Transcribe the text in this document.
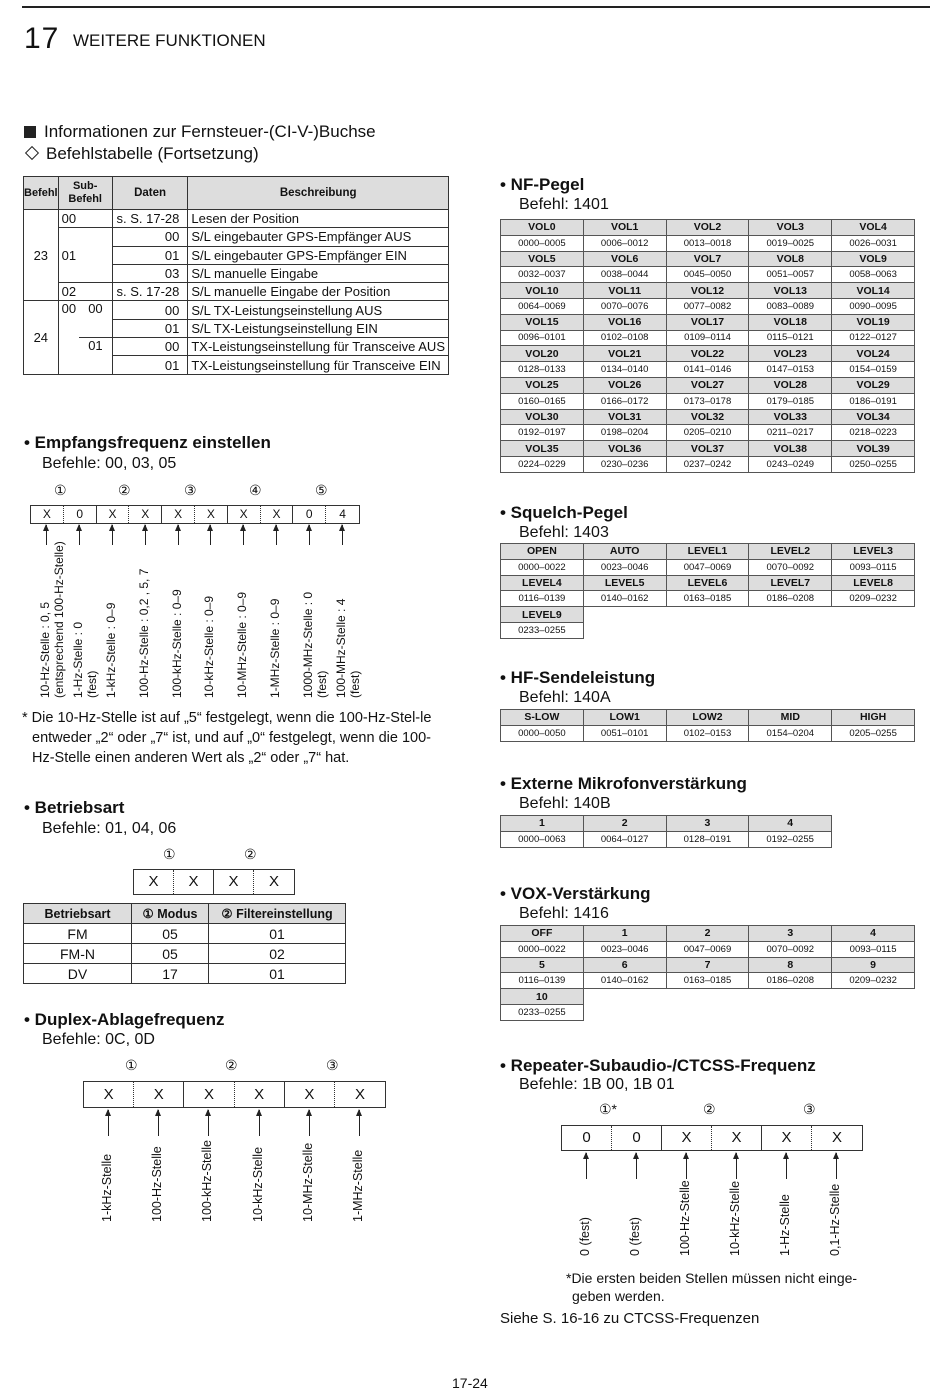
17 WEITERE FUNKTIONEN
Informationen zur Fernsteuer-(CI-V-)Buchse
Befehlstabelle (Fortsetzung)
Befehl	Sub-
Befehl		Daten	Beschreibung
23	00		s. S. 17-28	Lesen der Position
	01		00	S/L eingebauter GPS-Empfänger AUS
			01	S/L eingebauter GPS-Empfänger EIN
			03	S/L manuelle Eingabe
	02		s. S. 17-28	S/L manuelle Eingabe der Position
24	00	00	00	S/L TX-Leistungseinstellung AUS
			01	S/L TX-Leistungseinstellung EIN
		01	00	TX-Leistungseinstellung für Transceive AUS
			01	TX-Leistungseinstellung für Transceive EIN
• Empfangsfrequenz einstellen
Befehle: 00, 03, 05
①	②	③	④	⑤
X	0	X	X	X	X	X	X	0	4
10-Hz-Stelle : 0, 5 (entsprechend 100-Hz-Stelle) 1-Hz-Stelle : 0 (fest) 1-kHz-Stelle : 0–9 100-Hz-Stelle : 0,2 , 5, 7 100-kHz-Stelle : 0–9 10-kHz-Stelle : 0–9 10-MHz-Stelle : 0–9 1-MHz-Stelle : 0–9 1000-MHz-Stelle : 0 (fest) 100-MHz-Stelle : 4 (fest)
* Die 10-Hz-Stelle ist auf „5“ festgelegt, wenn die 100-Hz-Stel-le entweder „2“ oder „7“ ist, und auf „0“ festgelegt, wenn die 100-Hz-Stelle einen anderen Wert als „2“ oder „7“ hat.
• Betriebsart
Befehle: 01, 04, 06
①	②
X	X	X	X
Betriebsart	① Modus	② Filtereinstellung
FM	05	01
FM-N	05	02
DV	17	01
• Duplex-Ablagefrequenz
Befehle: 0C, 0D
①	②	③
X	X	X	X	X	X
1-kHz-Stelle	100-Hz-Stelle	100-kHz-Stelle	10-kHz-Stelle	10-MHz-Stelle	1-MHz-Stelle
• NF-Pegel
Befehl: 1401
VOL0	VOL1	VOL2	VOL3	VOL4
0000–0005	0006–0012	0013–0018	0019–0025	0026–0031
VOL5	VOL6	VOL7	VOL8	VOL9
0032–0037	0038–0044	0045–0050	0051–0057	0058–0063
VOL10	VOL11	VOL12	VOL13	VOL14
0064–0069	0070–0076	0077–0082	0083–0089	0090–0095
VOL15	VOL16	VOL17	VOL18	VOL19
0096–0101	0102–0108	0109–0114	0115–0121	0122–0127
VOL20	VOL21	VOL22	VOL23	VOL24
0128–0133	0134–0140	0141–0146	0147–0153	0154–0159
VOL25	VOL26	VOL27	VOL28	VOL29
0160–0165	0166–0172	0173–0178	0179–0185	0186–0191
VOL30	VOL31	VOL32	VOL33	VOL34
0192–0197	0198–0204	0205–0210	0211–0217	0218–0223
VOL35	VOL36	VOL37	VOL38	VOL39
0224–0229	0230–0236	0237–0242	0243–0249	0250–0255
• Squelch-Pegel
Befehl: 1403
OPEN	AUTO	LEVEL1	LEVEL2	LEVEL3
0000–0022	0023–0046	0047–0069	0070–0092	0093–0115
LEVEL4	LEVEL5	LEVEL6	LEVEL7	LEVEL8
0116–0139	0140–0162	0163–0185	0186–0208	0209–0232
LEVEL9				
0233–0255				
• HF-Sendeleistung
Befehl: 140A
S-LOW	LOW1	LOW2	MID	HIGH
0000–0050	0051–0101	0102–0153	0154–0204	0205–0255
• Externe Mikrofonverstärkung
Befehl: 140B
1	2	3	4
0000–0063	0064–0127	0128–0191	0192–0255
• VOX-Verstärkung
Befehl: 1416
OFF	1	2	3	4
0000–0022	0023–0046	0047–0069	0070–0092	0093–0115
5	6	7	8	9
0116–0139	0140–0162	0163–0185	0186–0208	0209–0232
10				
0233–0255				
• Repeater-Subaudio-/CTCSS-Frequenz
Befehle: 1B 00, 1B 01
①*	②	③
0	0	X	X	X	X
0 (fest)	0 (fest)	100-Hz-Stelle	10-kHz-Stelle	1-Hz-Stelle	0,1-Hz-Stelle
*Die ersten beiden Stellen müssen nicht einge-geben werden.
Siehe S. 16-16 zu CTCSS-Frequenzen
17-24
